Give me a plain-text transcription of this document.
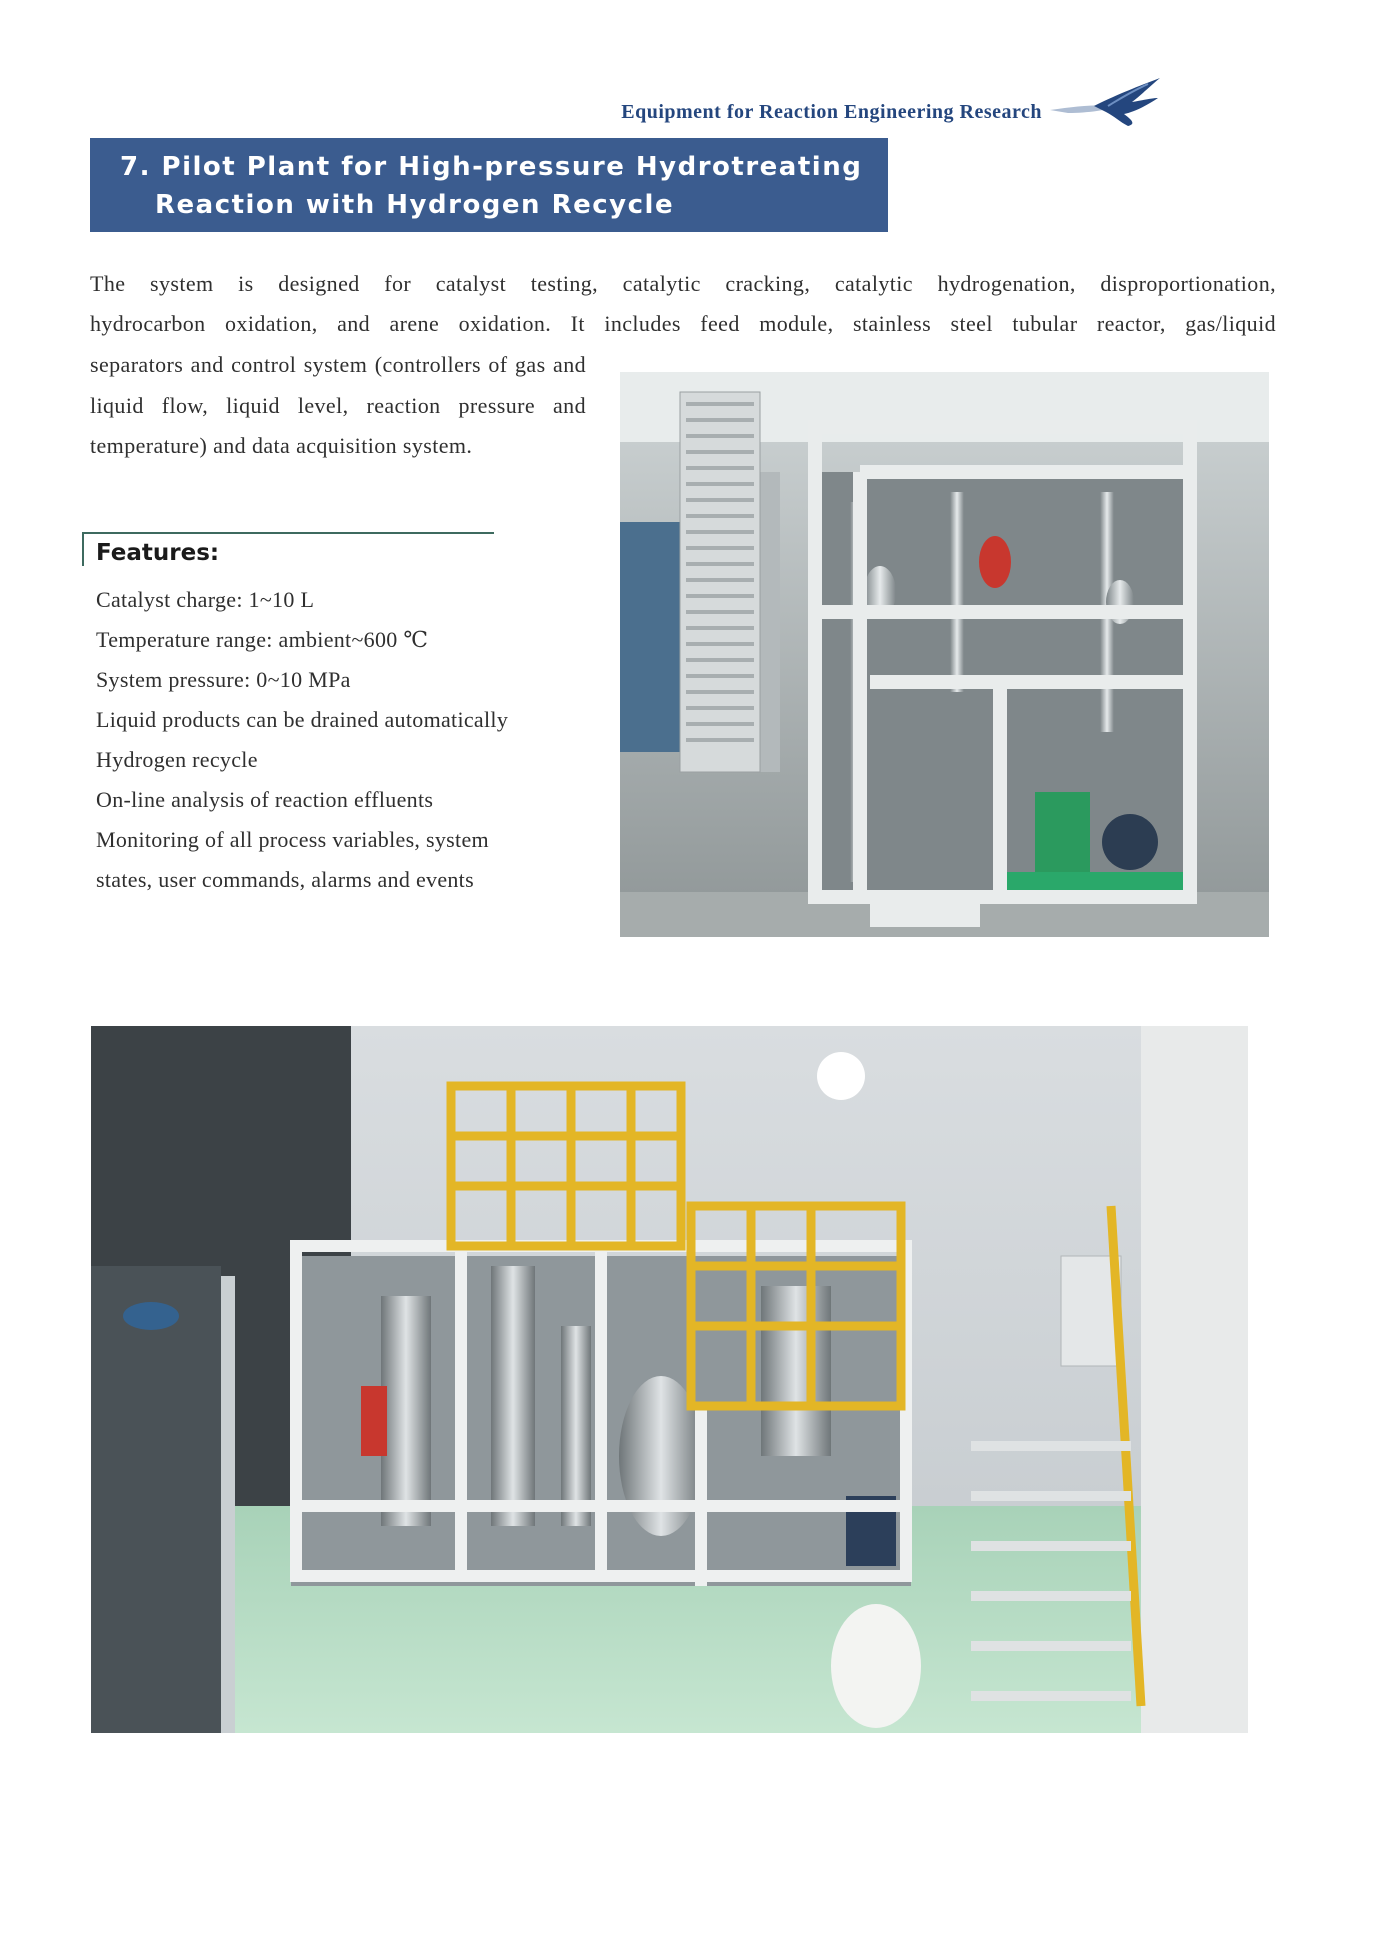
Equipment for Reaction Engineering Research
7. Pilot Plant for High-pressure Hydrotreating
Reaction with Hydrogen Recycle

The system is designed for catalyst testing, catalytic cracking, catalytic hydrogenation, disproportionation,

hydrocarbon oxidation, and arene oxidation. It includes feed module, stainless steel tubular reactor, gas/liquid

separators and control system (controllers of gas and liquid flow, liquid level, reaction pressure and temperature) and data acquisition system.

Features:
Catalyst charge: 1~10 L
Temperature range: ambient~600 ℃
System pressure: 0~10 MPa
Liquid products can be drained automatically
Hydrogen recycle
On-line analysis of reaction effluents
Monitoring of all process variables, system
states, user commands, alarms and events
